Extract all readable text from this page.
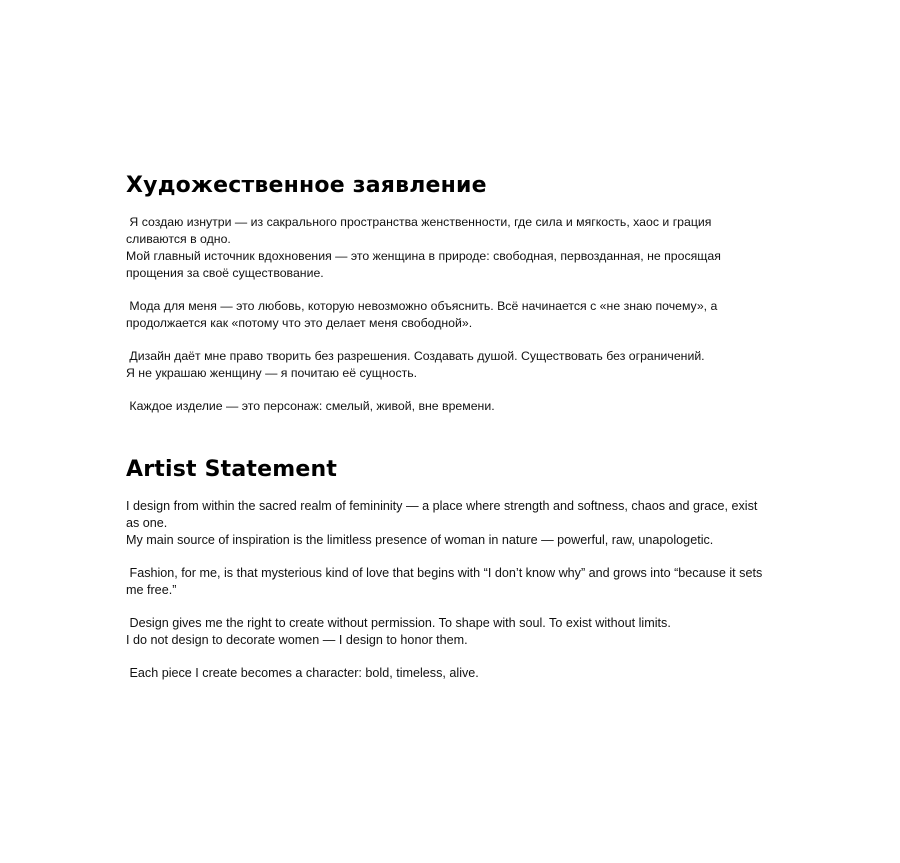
Художественное заявление

Я создаю изнутри — из сакрального пространства женственности, где сила и мягкость, хаос и грация
сливаются в одно.
Мой главный источник вдохновения — это женщина в природе: свободная, первозданная, не просящая
прощения за своё существование.

Мода для меня — это любовь, которую невозможно объяснить. Всё начинается с «не знаю почему», а
продолжается как «потому что это делает меня свободной».

Дизайн даёт мне право творить без разрешения. Создавать душой. Существовать без ограничений.
Я не украшаю женщину — я почитаю её сущность.

Каждое изделие — это персонаж: смелый, живой, вне времени.

Artist Statement

I design from within the sacred realm of femininity — a place where strength and softness, chaos and grace, exist
as one.
My main source of inspiration is the limitless presence of woman in nature — powerful, raw, unapologetic.

Fashion, for me, is that mysterious kind of love that begins with “I don’t know why” and grows into “because it sets
me free.”

Design gives me the right to create without permission. To shape with soul. To exist without limits.
I do not design to decorate women — I design to honor them.

Each piece I create becomes a character: bold, timeless, alive.
